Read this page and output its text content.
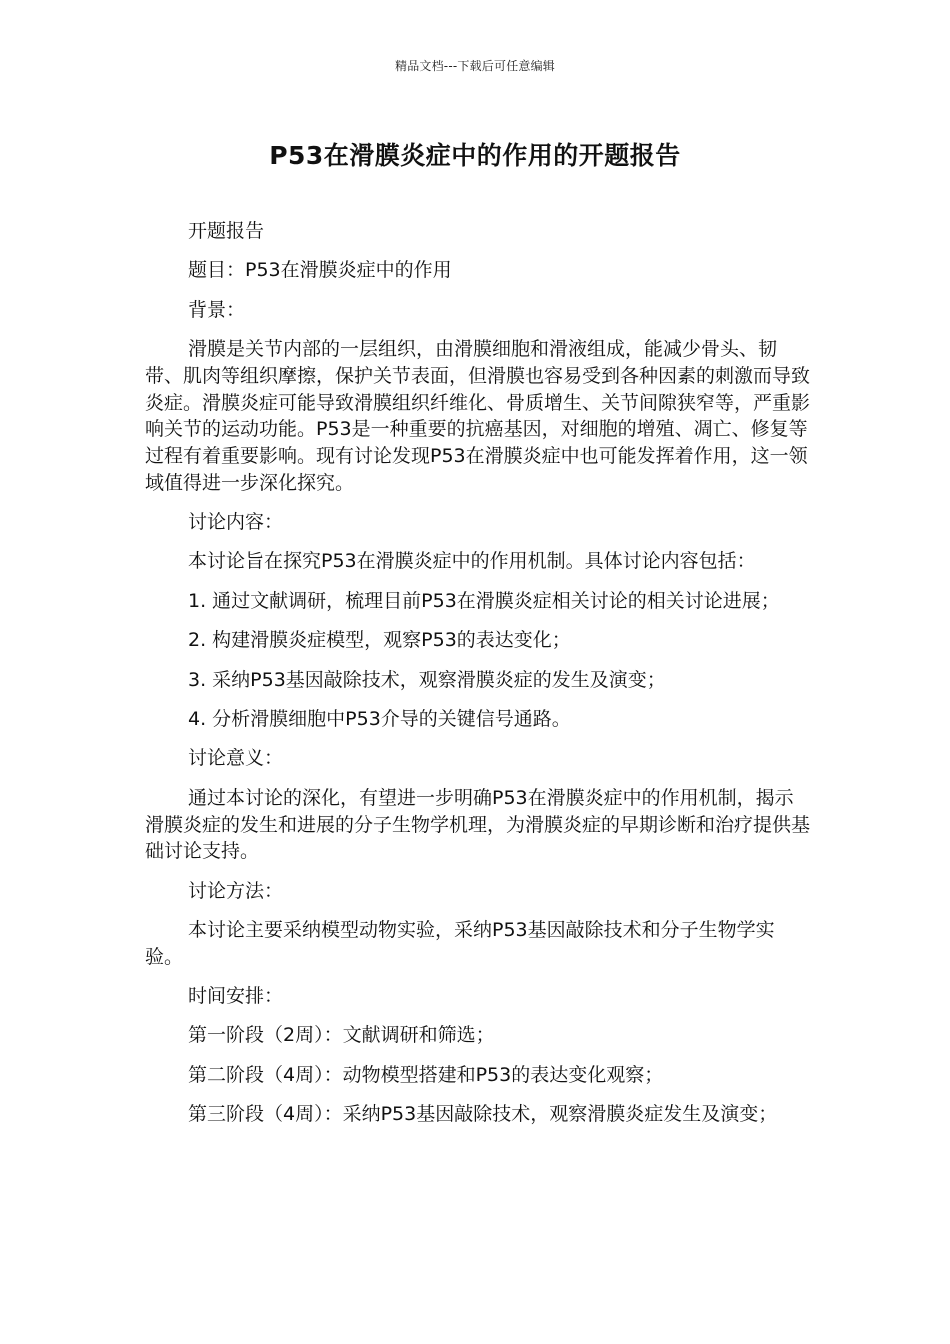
精品文档---下载后可任意编辑
P53在滑膜炎症中的作用的开题报告

开题报告

题目：P53在滑膜炎症中的作用

背景：

滑膜是关节内部的一层组织，由滑膜细胞和滑液组成，能减少骨头、韧带、肌肉等组织摩擦，保护关节表面，但滑膜也容易受到各种因素的刺激而导致炎症。滑膜炎症可能导致滑膜组织纤维化、骨质增生、关节间隙狭窄等，严重影响关节的运动功能。P53是一种重要的抗癌基因，对细胞的增殖、凋亡、修复等过程有着重要影响。现有讨论发现P53在滑膜炎症中也可能发挥着作用，这一领域值得进一步深化探究。

讨论内容：

本讨论旨在探究P53在滑膜炎症中的作用机制。具体讨论内容包括：

1. 通过文献调研，梳理目前P53在滑膜炎症相关讨论的相关讨论进展；

2. 构建滑膜炎症模型，观察P53的表达变化；

3. 采纳P53基因敲除技术，观察滑膜炎症的发生及演变；

4. 分析滑膜细胞中P53介导的关键信号通路。

讨论意义：

通过本讨论的深化，有望进一步明确P53在滑膜炎症中的作用机制，揭示滑膜炎症的发生和进展的分子生物学机理，为滑膜炎症的早期诊断和治疗提供基础讨论支持。

讨论方法：

本讨论主要采纳模型动物实验，采纳P53基因敲除技术和分子生物学实验。

时间安排：

第一阶段（2周）：文献调研和筛选；

第二阶段（4周）：动物模型搭建和P53的表达变化观察；

第三阶段（4周）：采纳P53基因敲除技术，观察滑膜炎症发生及演变；
